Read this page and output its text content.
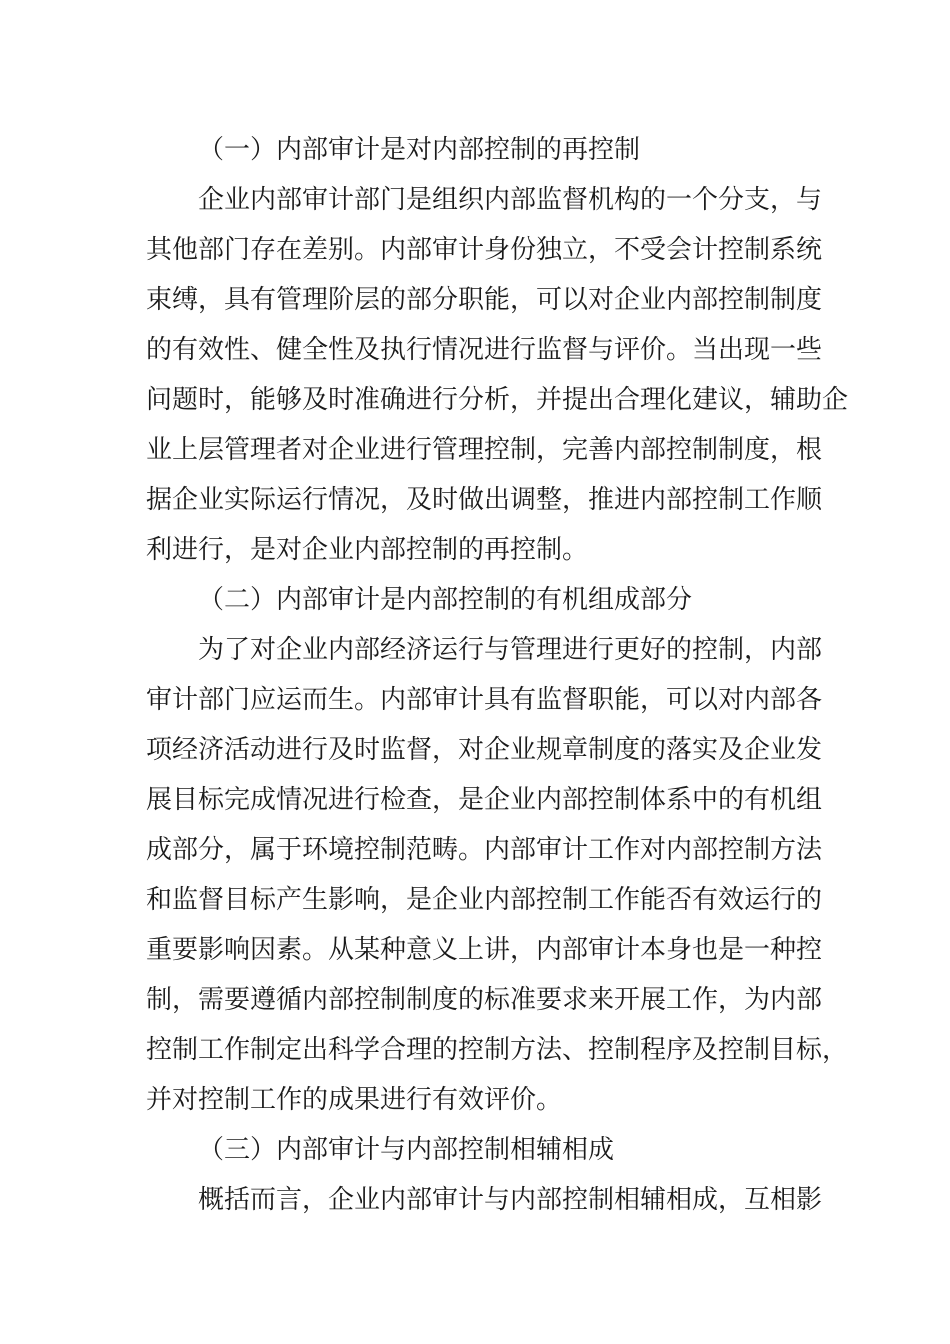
（一）内部审计是对内部控制的再控制

企业内部审计部门是组织内部监督机构的一个分支，与

其他部门存在差别。内部审计身份独立，不受会计控制系统

束缚，具有管理阶层的部分职能，可以对企业内部控制制度

的有效性、健全性及执行情况进行监督与评价。当出现一些

问题时，能够及时准确进行分析，并提出合理化建议，辅助企

业上层管理者对企业进行管理控制，完善内部控制制度，根

据企业实际运行情况，及时做出调整，推进内部控制工作顺

利进行，是对企业内部控制的再控制。

（二）内部审计是内部控制的有机组成部分

为了对企业内部经济运行与管理进行更好的控制，内部

审计部门应运而生。内部审计具有监督职能，可以对内部各

项经济活动进行及时监督，对企业规章制度的落实及企业发

展目标完成情况进行检查，是企业内部控制体系中的有机组

成部分，属于环境控制范畴。内部审计工作对内部控制方法

和监督目标产生影响，是企业内部控制工作能否有效运行的

重要影响因素。从某种意义上讲，内部审计本身也是一种控

制，需要遵循内部控制制度的标准要求来开展工作，为内部

控制工作制定出科学合理的控制方法、控制程序及控制目标，

并对控制工作的成果进行有效评价。

（三）内部审计与内部控制相辅相成

概括而言，企业内部审计与内部控制相辅相成，互相影
